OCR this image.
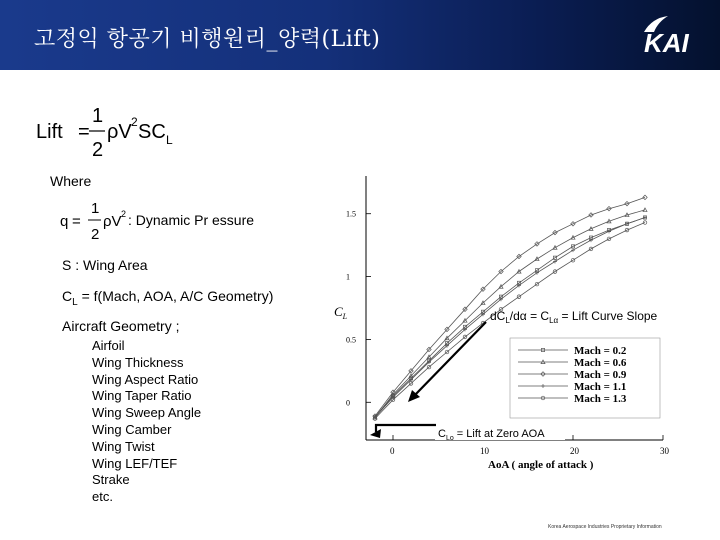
고정익 항공기 비행원리_양력(Lift)	KAI
Lift =
1
2
ρV 2 SC L
Where
q =
1
2
ρV 2 : Dynamic Pr essure
S : Wing Area
$C_L$ = f(Mach, AOA, A/C Geometry)
Aircraft Geometry ;
Airfoil
Wing Thickness
Wing Aspect Ratio
Wing Taper Ratio
Wing Sweep Angle
Wing Camber
Wing Twist
Wing LEF/TEF
Strake
etc.
0	10	20	30
0
0.5
1
1.5
$C_L$
AoA ( angle of attack )
Mach = 0.2
Mach = 0.6
Mach = 0.9
Mach = 1.1
Mach = 1.3
$dC_L/d\alpha = C_{L\alpha}$ = Lift Curve Slope
$C_{Lo}$ = Lift at Zero AOA
Korea Aerospace Industries Proprietary Information
